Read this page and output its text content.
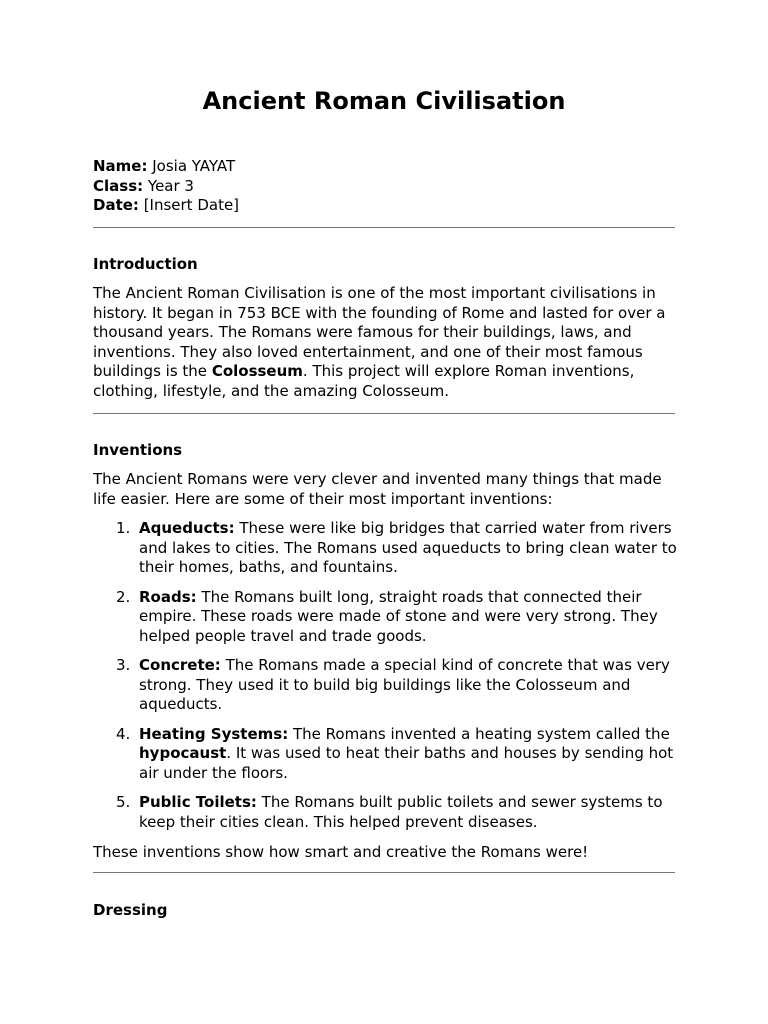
Ancient Roman Civilisation
Name: Josia YAYAT
Class: Year 3
Date: [Insert Date]
Introduction

The Ancient Roman Civilisation is one of the most important civilisations in history. It began in 753 BCE with the founding of Rome and lasted for over a thousand years. The Romans were famous for their buildings, laws, and inventions. They also loved entertainment, and one of their most famous buildings is the Colosseum. This project will explore Roman inventions, clothing, lifestyle, and the amazing Colosseum.

Inventions
The Ancient Romans were very clever and invented many things that made life easier. Here are some of their most important inventions:
1. Aqueducts: These were like big bridges that carried water from rivers and lakes to cities. The Romans used aqueducts to bring clean water to their homes, baths, and fountains.
2. Roads: The Romans built long, straight roads that connected their empire. These roads were made of stone and were very strong. They helped people travel and trade goods.
3. Concrete: The Romans made a special kind of concrete that was very strong. They used it to build big buildings like the Colosseum and aqueducts.
4. Heating Systems: The Romans invented a heating system called the hypocaust. It was used to heat their baths and houses by sending hot air under the floors.
5. Public Toilets: The Romans built public toilets and sewer systems to keep their cities clean. This helped prevent diseases.
These inventions show how smart and creative the Romans were!
Dressing
